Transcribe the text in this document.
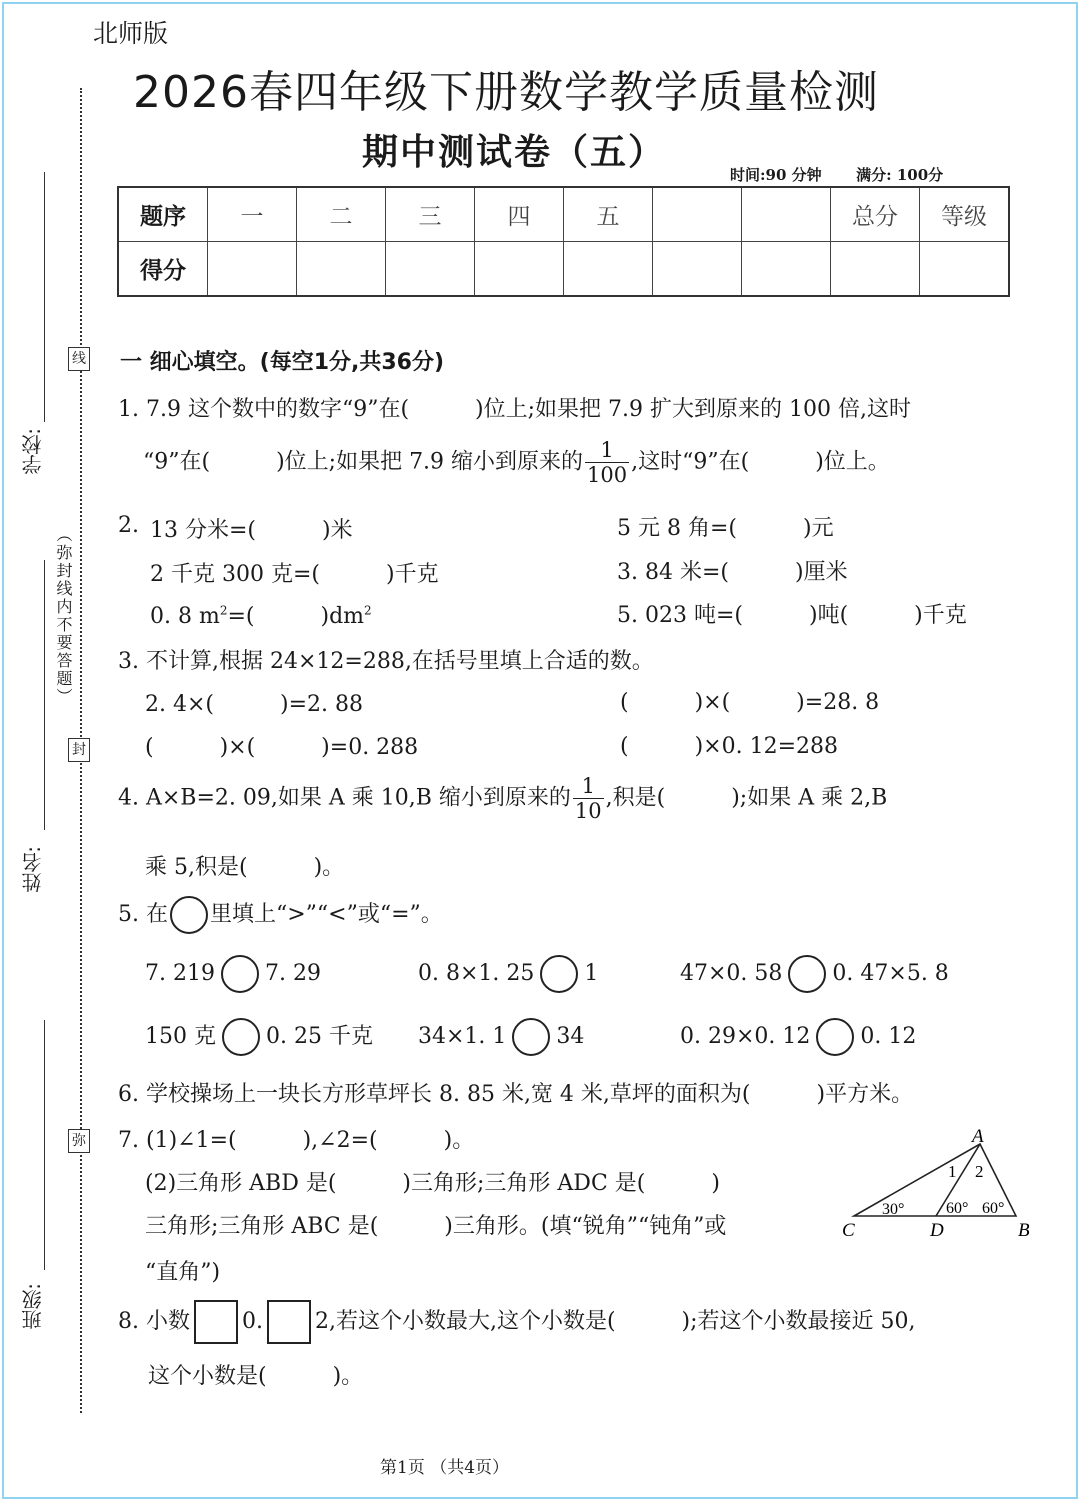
线
封
弥
（弥封线内不要答题）
学校:
姓名:
班级:
北师版
2026春四年级下册数学教学质量检测
期中测试卷（五）
时间:90 分钟 满分: 100分
题序	一	二	三	四	五			总分	等级
得分									
一 细心填空。(每空1分,共36分)
1. 7.9 这个数中的数字“9”在(　　　)位上;如果把 7.9 扩大到原来的 100 倍,这时
“9”在(　　　)位上;如果把 7.9 缩小到原来的 $\frac{1}{100}$ ,这时“9”在(　　　)位上。
2. 13 分米=(　　　)米	5 元 8 角=(　　　)元
2 千克 300 克=(　　　)千克	3. 84 米=(　　　)厘米
0. 8 $m^2=$(　　　)$dm^2$	5. 023 吨=(　　　)吨(　　　)千克
3. 不计算,根据 24×12=288,在括号里填上合适的数。
2. 4×(　　　)=2. 88	(　　　)×(　　　)=28. 8
(　　　)×(　　　)=0. 288	(　　　)×0. 12=288
4. A×B=2. 09,如果 A 乘 10,B 缩小到原来的 $\frac{1}{10}$ ,积是(　　　);如果 A 乘 2,B
乘 5,积是(　　　)。
5. 在 里填上“>”“<”或“=”。
7. 219 7. 29	0. 8×1. 25 1	47×0. 58 0. 47×5. 8
150 克 0. 25 千克 34×1. 1 34	0. 29×0. 12 0. 12
6. 学校操场上一块长方形草坪长 8. 85 米,宽 4 米,草坪的面积为(　　　)平方米。
7. (1)∠1=(　　　),∠2=(　　　)。
(2)三角形 ABD 是(　　　)三角形;三角形 ADC 是(　　　)
三角形;三角形 ABC 是(　　　)三角形。(填“锐角”“钝角”或
“直角”)
A
C	D	B
1 2
30°	60° 60°
8. 小数 0. 2,若这个小数最大,这个小数是(　　　);若这个小数最接近 50,
这个小数是(　　　)。
第1页 （共4页）
